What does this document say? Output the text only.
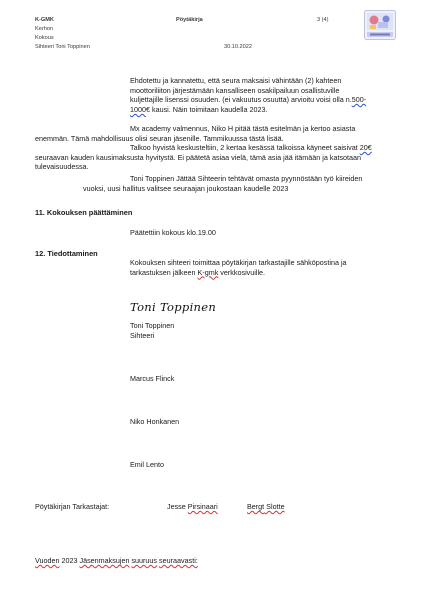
K-GMK
Kerhon
Kokous
Sihteeri Toni Toppinen
Pöytäkirja	3 (4)
30.10.2022
Ehdotettu ja kannatettu, että seura maksaisi vähintään (2) kahteen
moottoriliiton järjestämään kansalliseen osakilpailuun osallistuville
kuljettajille lisenssi osuuden. (ei vakuutus osuutta) arvioitu voisi olla n.500-
1000€ kausi. Näin toimitaan kaudella 2023.
Mx academy valmennus, Niko H pitää tästä esitelmän ja kertoo asiasta
enemmän. Tämä mahdollisuus olisi seuran jäsenille. Tammikuussa tästä lisää.
Talkoo hyvistä keskusteltiin, 2 kertaa kesässä talkoissa käyneet saisivat 20€
seuraavan kauden kausimaksusta hyvitystä. Ei päätetä asiaa vielä, tämä asia jää itämään ja katsotaan
tulevaisuudessa.
Toni Toppinen Jättää Sihteerin tehtävät omasta pyynnöstään työ kiireiden
vuoksi, uusi hallitus valitsee seuraajan joukostaan kaudelle 2023
11. Kokouksen päättäminen
Päätettiin kokous klo.19.00
12. Tiedottaminen
Kokouksen sihteeri toimittaa pöytäkirjan tarkastajille sähköpostina ja
tarkastuksen jälkeen K-gmk verkkosivuille.
Toni Toppinen
Toni Toppinen
Sihteeri
Marcus Flinck
Niko Honkanen
Emil Lento
Pöytäkirjan Tarkastajat:	Jesse Pirsinaari	Bergt Slotte
Vuoden 2023 Jäsenmaksujen suuruus seuraavasti:
